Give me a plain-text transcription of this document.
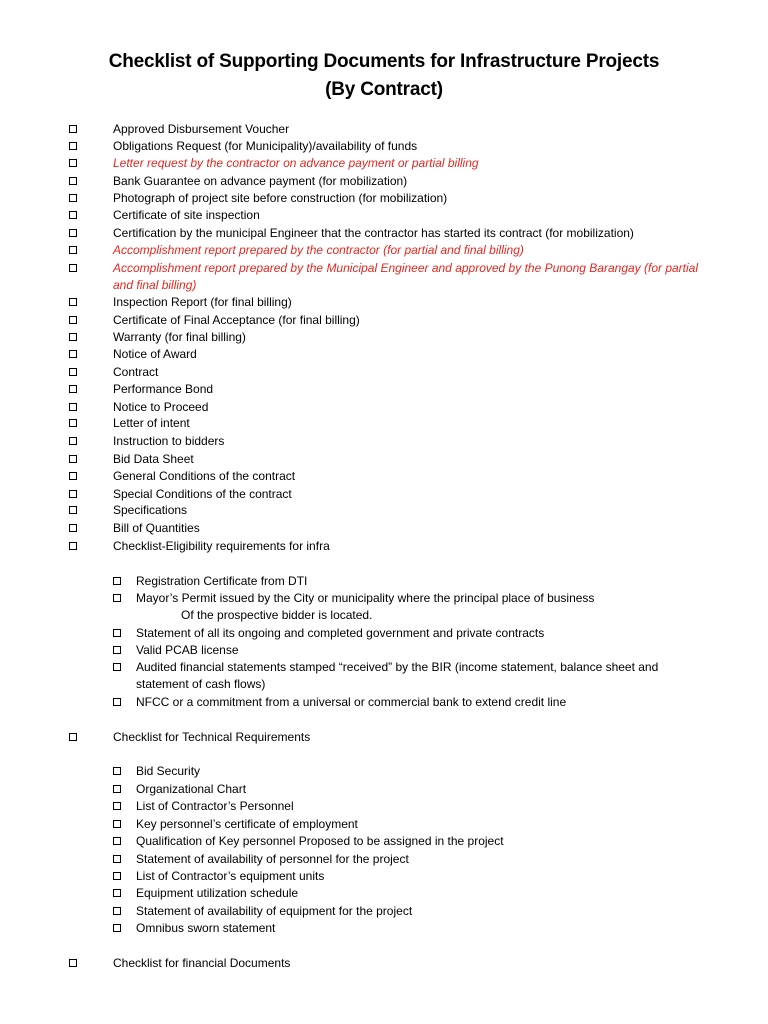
Checklist of Supporting Documents for Infrastructure Projects
(By Contract)
Approved Disbursement Voucher
Obligations Request (for Municipality)/availability of funds
Letter request by the contractor on advance payment or partial billing
Bank Guarantee on advance payment (for mobilization)
Photograph of project site before construction (for mobilization)
Certificate of site inspection
Certification by the municipal Engineer that the contractor has started its contract (for mobilization)
Accomplishment report prepared by the contractor (for partial and final billing)
Accomplishment report prepared by the Municipal Engineer and approved by the Punong Barangay (for partial and final billing)
Inspection Report (for final billing)
Certificate of Final Acceptance (for final billing)
Warranty (for final billing)
Notice of Award
Contract
Performance Bond
Notice to Proceed
Letter of intent
Instruction to bidders
Bid Data Sheet
General Conditions of the contract
Special Conditions of the contract
Specifications
Bill of Quantities
Checklist-Eligibility requirements for infra
Registration Certificate from DTI
Mayor’s Permit issued by the City or municipality where the principal place of business
Of the prospective bidder is located.
Statement of all its ongoing and completed government and private contracts
Valid PCAB license
Audited financial statements stamped “received” by the BIR (income statement, balance sheet and
statement of cash flows)
NFCC or a commitment from a universal or commercial bank to extend credit line
Checklist for Technical Requirements
Bid Security
Organizational Chart
List of Contractor’s Personnel
Key personnel’s certificate of employment
Qualification of Key personnel Proposed to be assigned in the project
Statement of availability of personnel for the project
List of Contractor’s equipment units
Equipment utilization schedule
Statement of availability of equipment for the project
Omnibus sworn statement
Checklist for financial Documents
